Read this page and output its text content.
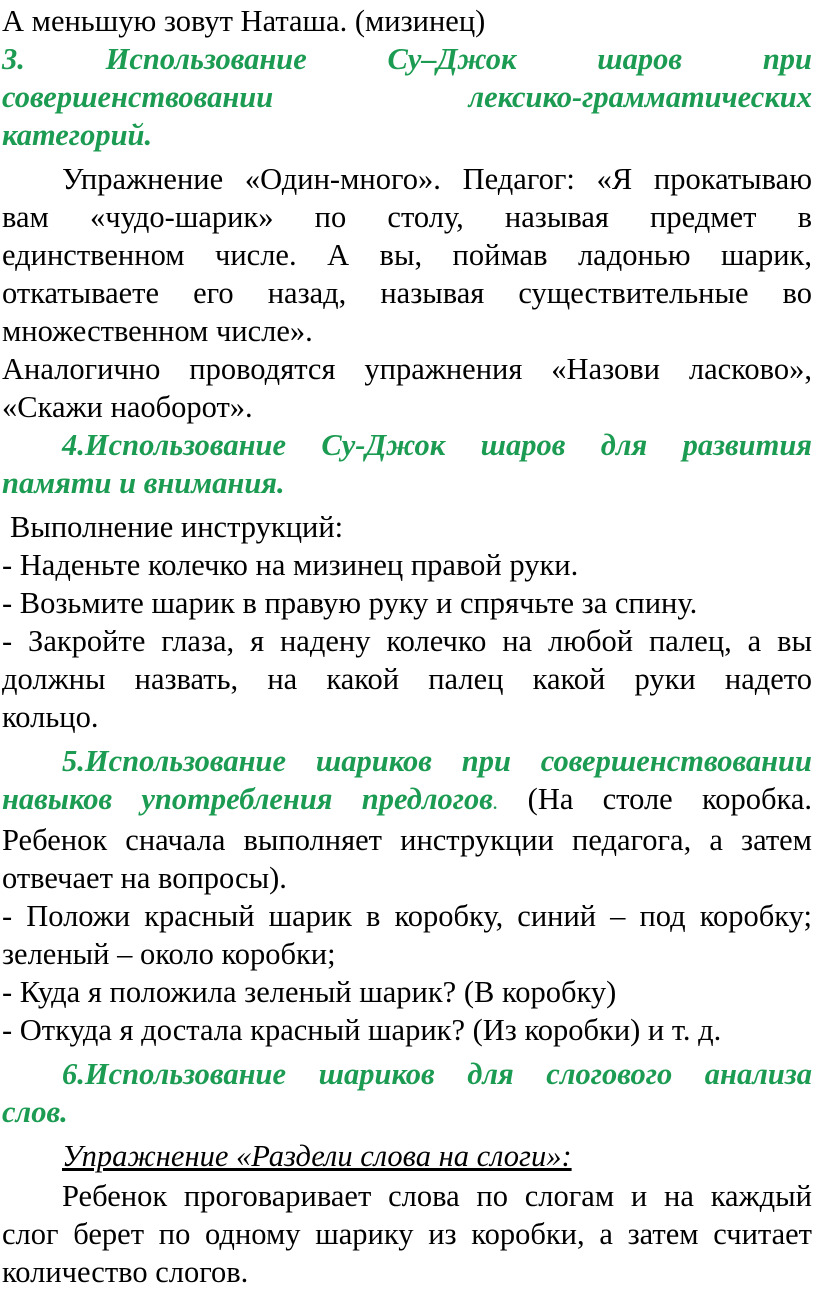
А меньшую зовут Наташа. (мизинец)

3. Использование Су–Джок шаров при

совершенствовании лексико-грамматических

категорий.

Упражнение «Один-много». Педагог: «Я прокатываю

вам «чудо-шарик» по столу, называя предмет в

единственном числе. А вы, поймав ладонью шарик,

откатываете его назад, называя существительные во

множественном числе».

Аналогично проводятся упражнения «Назови ласково»,

«Скажи наоборот».

4.Использование Су-Джок шаров для развития

памяти и внимания.

Выполнение инструкций:

- Наденьте колечко на мизинец правой руки.

- Возьмите шарик в правую руку и спрячьте за спину.

- Закройте глаза, я надену колечко на любой палец, а вы

должны назвать, на какой палец какой руки надето

кольцо.

5.Использование шариков при совершенствовании

навыков употребления предлогов. (На столе коробка.

Ребенок сначала выполняет инструкции педагога, а затем

отвечает на вопросы).

- Положи красный шарик в коробку, синий – под коробку;

зеленый – около коробки;

- Куда я положила зеленый шарик? (В коробку)

- Откуда я достала красный шарик? (Из коробки) и т. д.

6.Использование шариков для слогового анализа

слов.

Упражнение «Раздели слова на слоги»:

Ребенок проговаривает слова по слогам и на каждый

слог берет по одному шарику из коробки, а затем считает

количество слогов.
